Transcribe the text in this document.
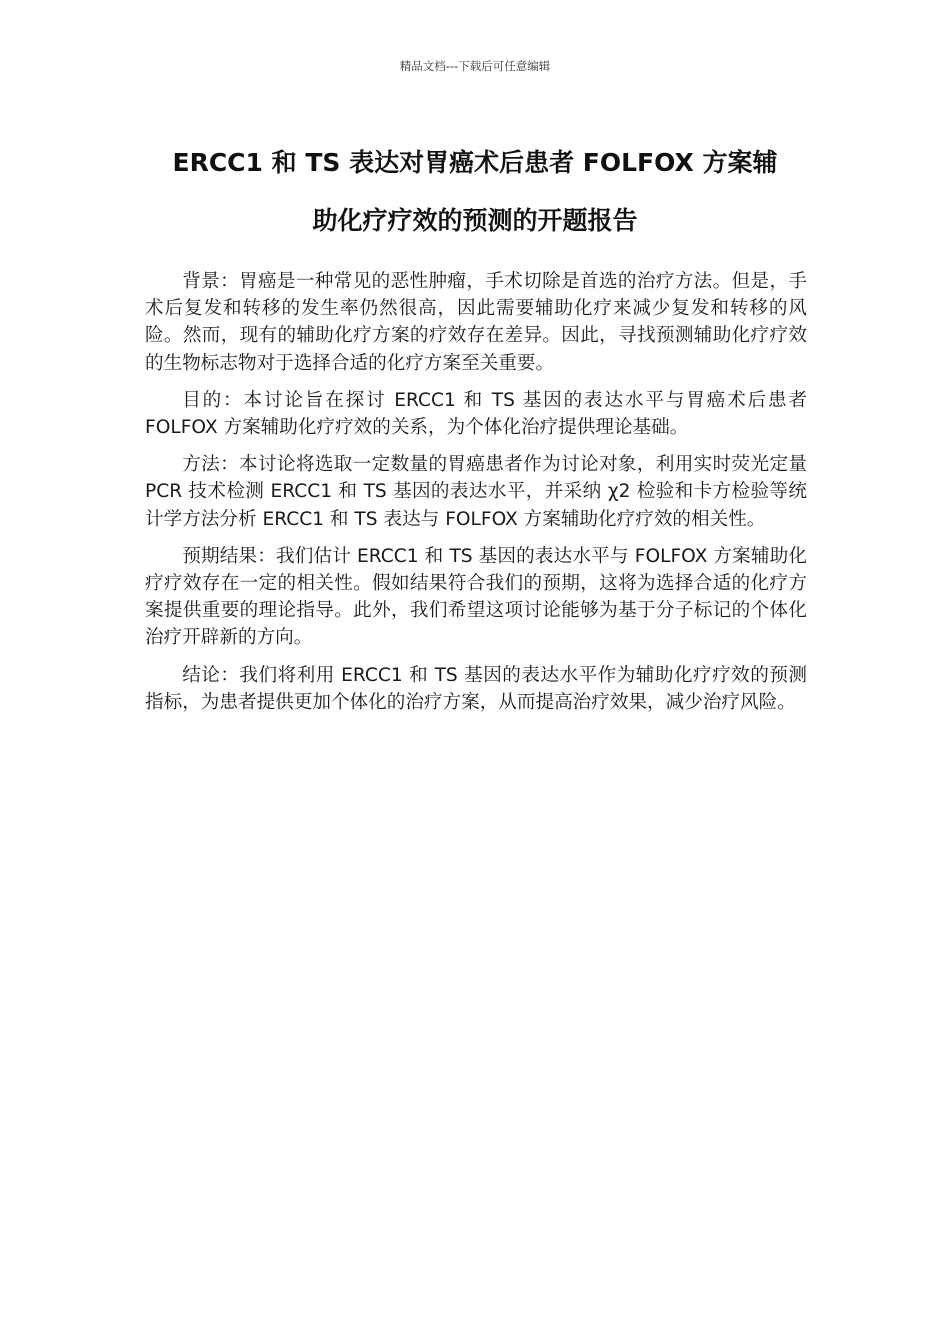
精品文档---下载后可任意编辑
ERCC1 和 TS 表达对胃癌术后患者 FOLFOX 方案辅
助化疗疗效的预测的开题报告

背景：胃癌是一种常见的恶性肿瘤，手术切除是首选的治疗方法。但是，手术后复发和转移的发生率仍然很高，因此需要辅助化疗来减少复发和转移的风险。然而，现有的辅助化疗方案的疗效存在差异。因此，寻找预测辅助化疗疗效的生物标志物对于选择合适的化疗方案至关重要。

目的：本讨论旨在探讨 ERCC1 和 TS 基因的表达水平与胃癌术后患者 FOLFOX 方案辅助化疗疗效的关系，为个体化治疗提供理论基础。

方法：本讨论将选取一定数量的胃癌患者作为讨论对象，利用实时荧光定量 PCR 技术检测 ERCC1 和 TS 基因的表达水平，并采纳 χ2 检验和卡方检验等统计学方法分析 ERCC1 和 TS 表达与 FOLFOX 方案辅助化疗疗效的相关性。

预期结果：我们估计 ERCC1 和 TS 基因的表达水平与 FOLFOX 方案辅助化疗疗效存在一定的相关性。假如结果符合我们的预期，这将为选择合适的化疗方案提供重要的理论指导。此外，我们希望这项讨论能够为基于分子标记的个体化治疗开辟新的方向。

结论：我们将利用 ERCC1 和 TS 基因的表达水平作为辅助化疗疗效的预测指标，为患者提供更加个体化的治疗方案，从而提高治疗效果，减少治疗风险。
